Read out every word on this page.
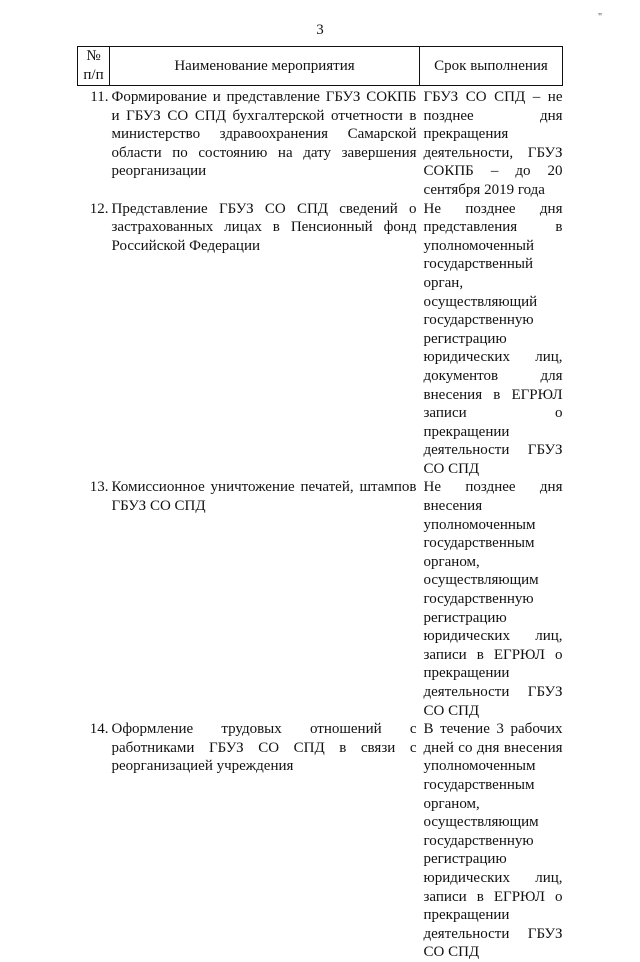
3
"
№
п/п	Наименование мероприятия	Срок выполнения

11.	Формирование и представление ГБУЗ СОКПБ и ГБУЗ СО СПД бухгалтерской отчетности в министерство здравоохранения Самарской области по состоянию на дату завершения реорганизации	ГБУЗ СО СПД – не позднее дня прекращения деятельности, ГБУЗ СОКПБ – до 20 сентября 2019 года
12.	Представление ГБУЗ СО СПД сведений о застрахованных лицах в Пенсионный фонд Российской Федерации	Не позднее дня представления в уполномоченный государственный орган, осуществляющий государственную регистрацию юридических лиц, документов для внесения в ЕГРЮЛ записи о прекращении деятельности ГБУЗ СО СПД
13.	Комиссионное уничтожение печатей, штампов ГБУЗ СО СПД	Не позднее дня внесения уполномоченным государственным органом, осуществляющим государственную регистрацию юридических лиц, записи в ЕГРЮЛ о прекращении деятельности ГБУЗ СО СПД
14.	Оформление трудовых отношений с работниками ГБУЗ СО СПД в связи с реорганизацией учреждения	В течение 3 рабочих дней со дня внесения уполномоченным государственным органом, осуществляющим государственную регистрацию юридических лиц, записи в ЕГРЮЛ о прекращении деятельности ГБУЗ СО СПД
